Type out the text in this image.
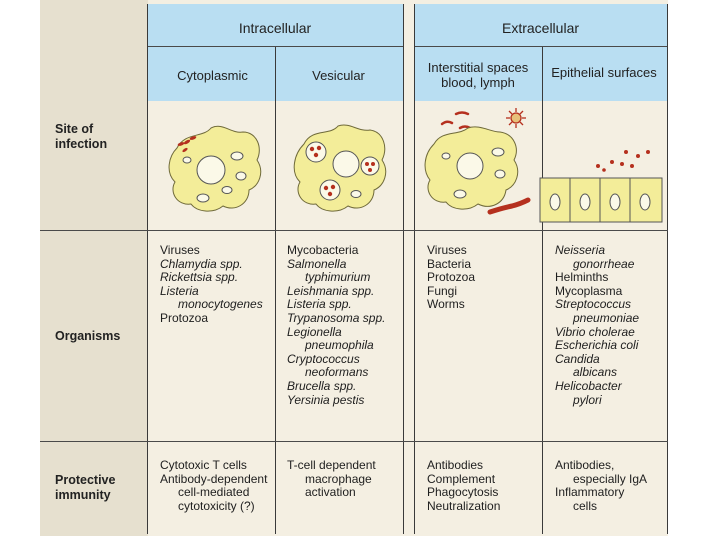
Intracellular	Extracellular
Cytoplasmic	Vesicular
Interstitial spaces
blood, lymph
Epithelial surfaces
Site of
infection
Organisms
Protective
immunity
Viruses
Chlamydia spp.
Rickettsia spp.
Listeria
monocytogenes
Protozoa
Mycobacteria
Salmonella
typhimurium
Leishmania spp.
Listeria spp.
Trypanosoma spp.
Legionella
pneumophila
Cryptococcus
neoformans
Brucella spp.
Yersinia pestis
Viruses
Bacteria
Protozoa
Fungi
Worms
Neisseria
gonorrheae
Helminths
Mycoplasma
Streptococcus
pneumoniae
Vibrio cholerae
Escherichia coli
Candida
albicans
Helicobacter
pylori
Cytotoxic T cells
Antibody-dependent
cell-mediated
cytotoxicity (?)
T-cell dependent
macrophage
activation
Antibodies
Complement
Phagocytosis
Neutralization
Antibodies,
especially IgA
Inflammatory
cells
